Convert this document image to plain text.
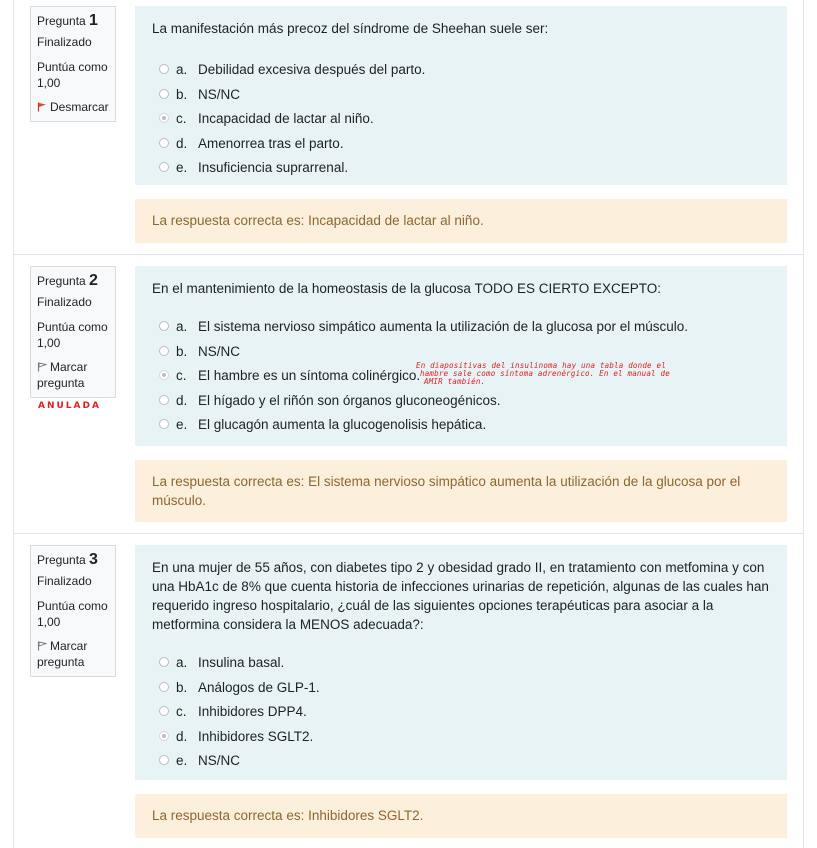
Pregunta 1
Finalizado
Puntúa como
1,00
Desmarcar
La manifestación más precoz del síndrome de Sheehan suele ser:
a. Debilidad excesiva después del parto.
b. NS/NC
c. Incapacidad de lactar al niño.
d. Amenorrea tras el parto.
e. Insuficiencia suprarrenal.
La respuesta correcta es: Incapacidad de lactar al niño.
Pregunta 2
Finalizado
Puntúa como
1,00
Marcar
pregunta
ANULADA
En el mantenimiento de la homeostasis de la glucosa TODO ES CIERTO EXCEPTO:
a. El sistema nervioso simpático aumenta la utilización de la glucosa por el músculo.
b. NS/NC
c. El hambre es un síntoma colinérgico.
d. El hígado y el riñón son órganos gluconeogénicos.
e. El glucagón aumenta la glucogenolisis hepática.
En diapositivas del insulinoma hay una tabla donde el
hambre sale como síntoma adrenérgico. En el manual de
AMIR también.
La respuesta correcta es: El sistema nervioso simpático aumenta la utilización de la glucosa por el músculo.
Pregunta 3
Finalizado
Puntúa como
1,00
Marcar
pregunta
En una mujer de 55 años, con diabetes tipo 2 y obesidad grado II, en tratamiento con metfomina y con una HbA1c de 8% que cuenta historia de infecciones urinarias de repetición, algunas de las cuales han requerido ingreso hospitalario, ¿cuál de las siguientes opciones terapéuticas para asociar a la metformina considera la MENOS adecuada?:
a. Insulina basal.
b. Análogos de GLP-1.
c. Inhibidores DPP4.
d. Inhibidores SGLT2.
e. NS/NC
La respuesta correcta es: Inhibidores SGLT2.
